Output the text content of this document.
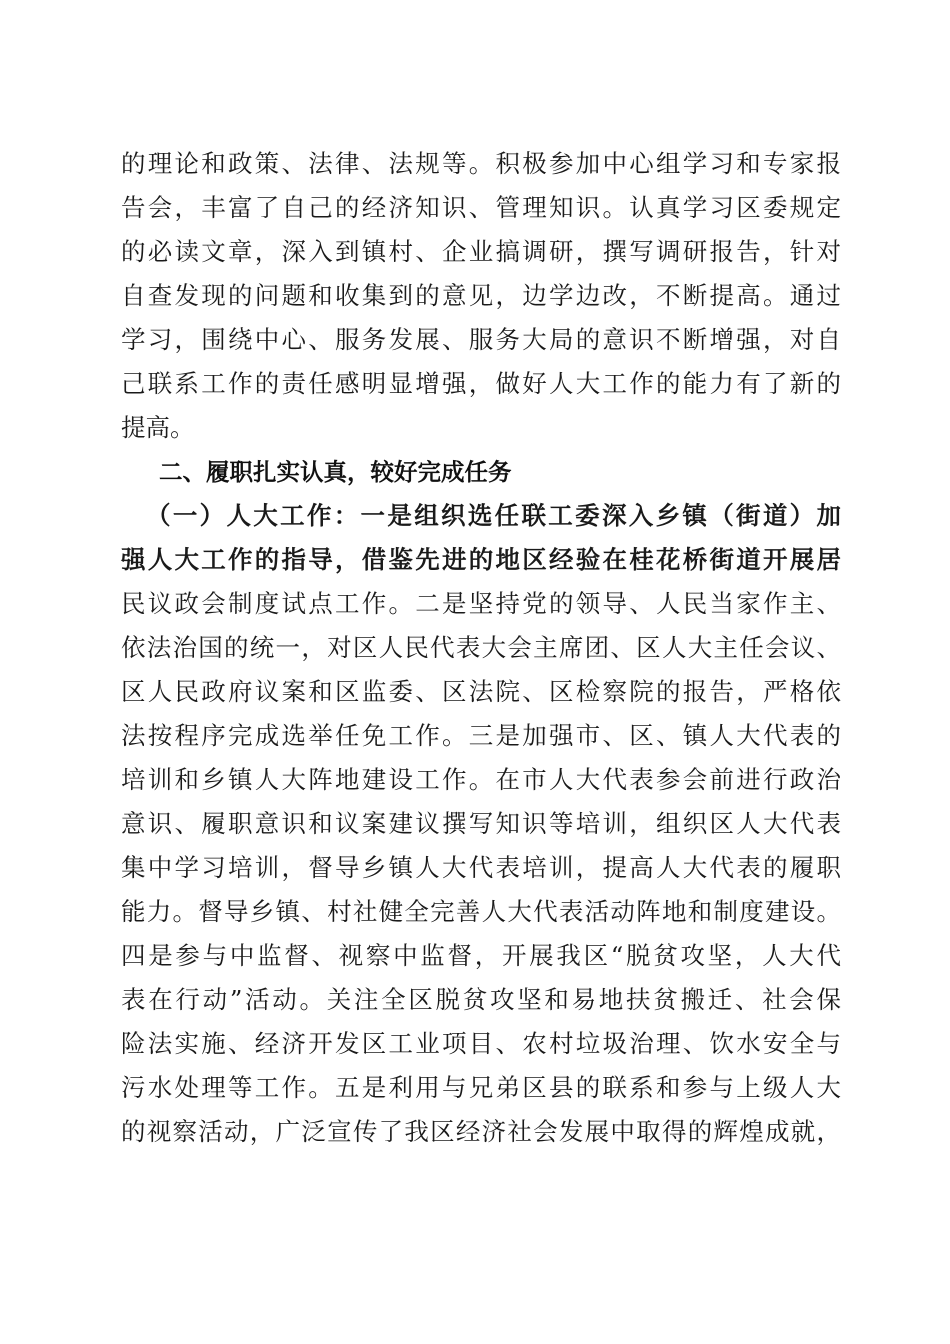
的理论和政策、法律、法规等。积极参加中心组学习和专家报
告会，丰富了自己的经济知识、管理知识。认真学习区委规定
的必读文章，深入到镇村、企业搞调研，撰写调研报告，针对
自查发现的问题和收集到的意见，边学边改，不断提高。通过
学习，围绕中心、服务发展、服务大局的意识不断增强，对自
己联系工作的责任感明显增强，做好人大工作的能力有了新的
提高。
二、履职扎实认真，较好完成任务
（一）人大工作：一是组织选任联工委深入乡镇（街道）加
强人大工作的指导，借鉴先进的地区经验在桂花桥街道开展居
民议政会制度试点工作。二是坚持党的领导、人民当家作主、
依法治国的统一，对区人民代表大会主席团、区人大主任会议、
区人民政府议案和区监委、区法院、区检察院的报告，严格依
法按程序完成选举任免工作。三是加强市、区、镇人大代表的
培训和乡镇人大阵地建设工作。在市人大代表参会前进行政治
意识、履职意识和议案建议撰写知识等培训，组织区人大代表
集中学习培训，督导乡镇人大代表培训，提高人大代表的履职
能力。督导乡镇、村社健全完善人大代表活动阵地和制度建设。
四是参与中监督、视察中监督，开展我区“脱贫攻坚，人大代
表在行动”活动。关注全区脱贫攻坚和易地扶贫搬迁、社会保
险法实施、经济开发区工业项目、农村垃圾治理、饮水安全与
污水处理等工作。五是利用与兄弟区县的联系和参与上级人大
的视察活动，广泛宣传了我区经济社会发展中取得的辉煌成就，
